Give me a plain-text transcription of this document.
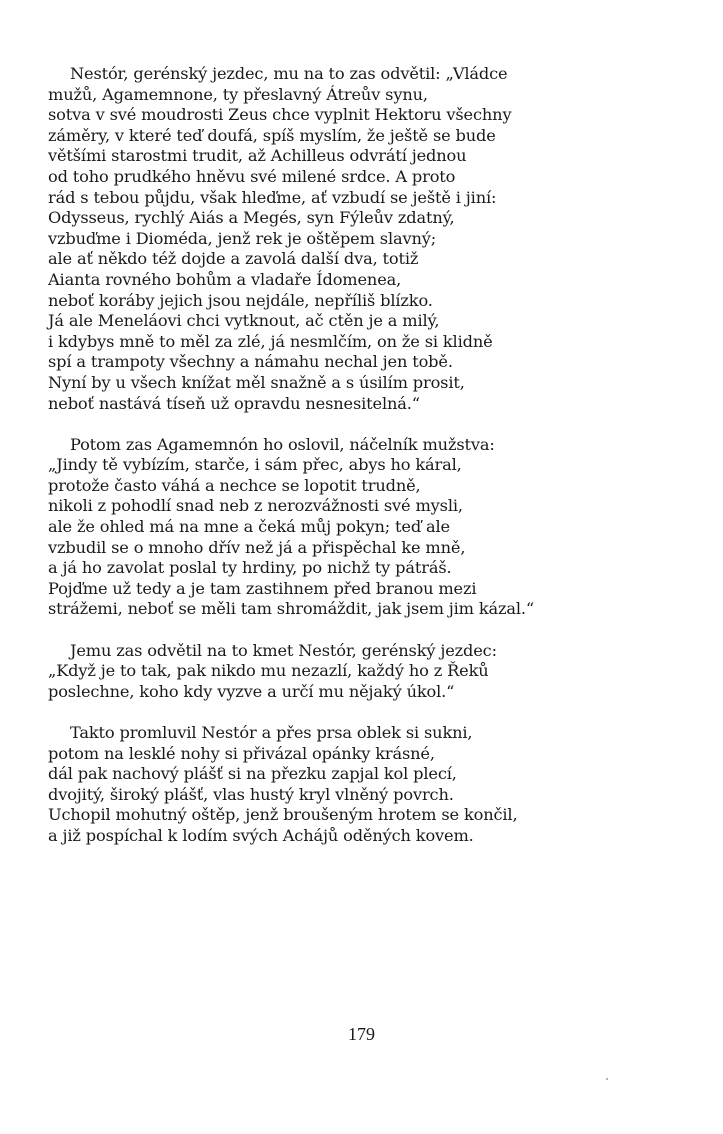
Nestór, gerénský jezdec, mu na to zas odvětil: „Vládce
mužů, Agamemnone, ty přeslavný Átreův synu,
sotva v své moudrosti Zeus chce vyplnit Hektoru všechny
záměry, v které teď doufá, spíš myslím, že ještě se bude
většími starostmi trudit, až Achilleus odvrátí jednou
od toho prudkého hněvu své milené srdce. A proto
rád s tebou půjdu, však hleďme, ať vzbudí se ještě i jiní:
Odysseus, rychlý Aiás a Megés, syn Fýleův zdatný,
vzbuďme i Dioméda, jenž rek je oštěpem slavný;
ale ať někdo též dojde a zavolá další dva, totiž
Aianta rovného bohům a vladaře Ídomenea,
neboť koráby jejich jsou nejdále, nepříliš blízko.
Já ale Meneláovi chci vytknout, ač ctěn je a milý,
i kdybys mně to měl za zlé, já nesmlčím, on že si klidně
spí a trampoty všechny a námahu nechal jen tobě.
Nyní by u všech knížat měl snažně a s úsilím prosit,
neboť nastává tíseň už opravdu nesnesitelná.“

Potom zas Agamemnón ho oslovil, náčelník mužstva:
„Jindy tě vybízím, starče, i sám přec, abys ho káral,
protože často váhá a nechce se lopotit trudně,
nikoli z pohodlí snad neb z nerozvážnosti své mysli,
ale že ohled má na mne a čeká můj pokyn; teď ale
vzbudil se o mnoho dřív než já a přispěchal ke mně,
a já ho zavolat poslal ty hrdiny, po nichž ty pátráš.
Pojďme už tedy a je tam zastihnem před branou mezi
strážemi, neboť se měli tam shromáždit, jak jsem jim kázal.“

Jemu zas odvětil na to kmet Nestór, gerénský jezdec:
„Když je to tak, pak nikdo mu nezazlí, každý ho z Řeků
poslechne, koho kdy vyzve a určí mu nějaký úkol.“

Takto promluvil Nestór a přes prsa oblek si sukni,
potom na lesklé nohy si přivázal opánky krásné,
dál pak nachový plášť si na přezku zapjal kol plecí,
dvojitý, široký plášť, vlas hustý kryl vlněný povrch.
Uchopil mohutný oštěp, jenž broušeným hrotem se končil,
a již pospíchal k lodím svých Achájů oděných kovem.

179
